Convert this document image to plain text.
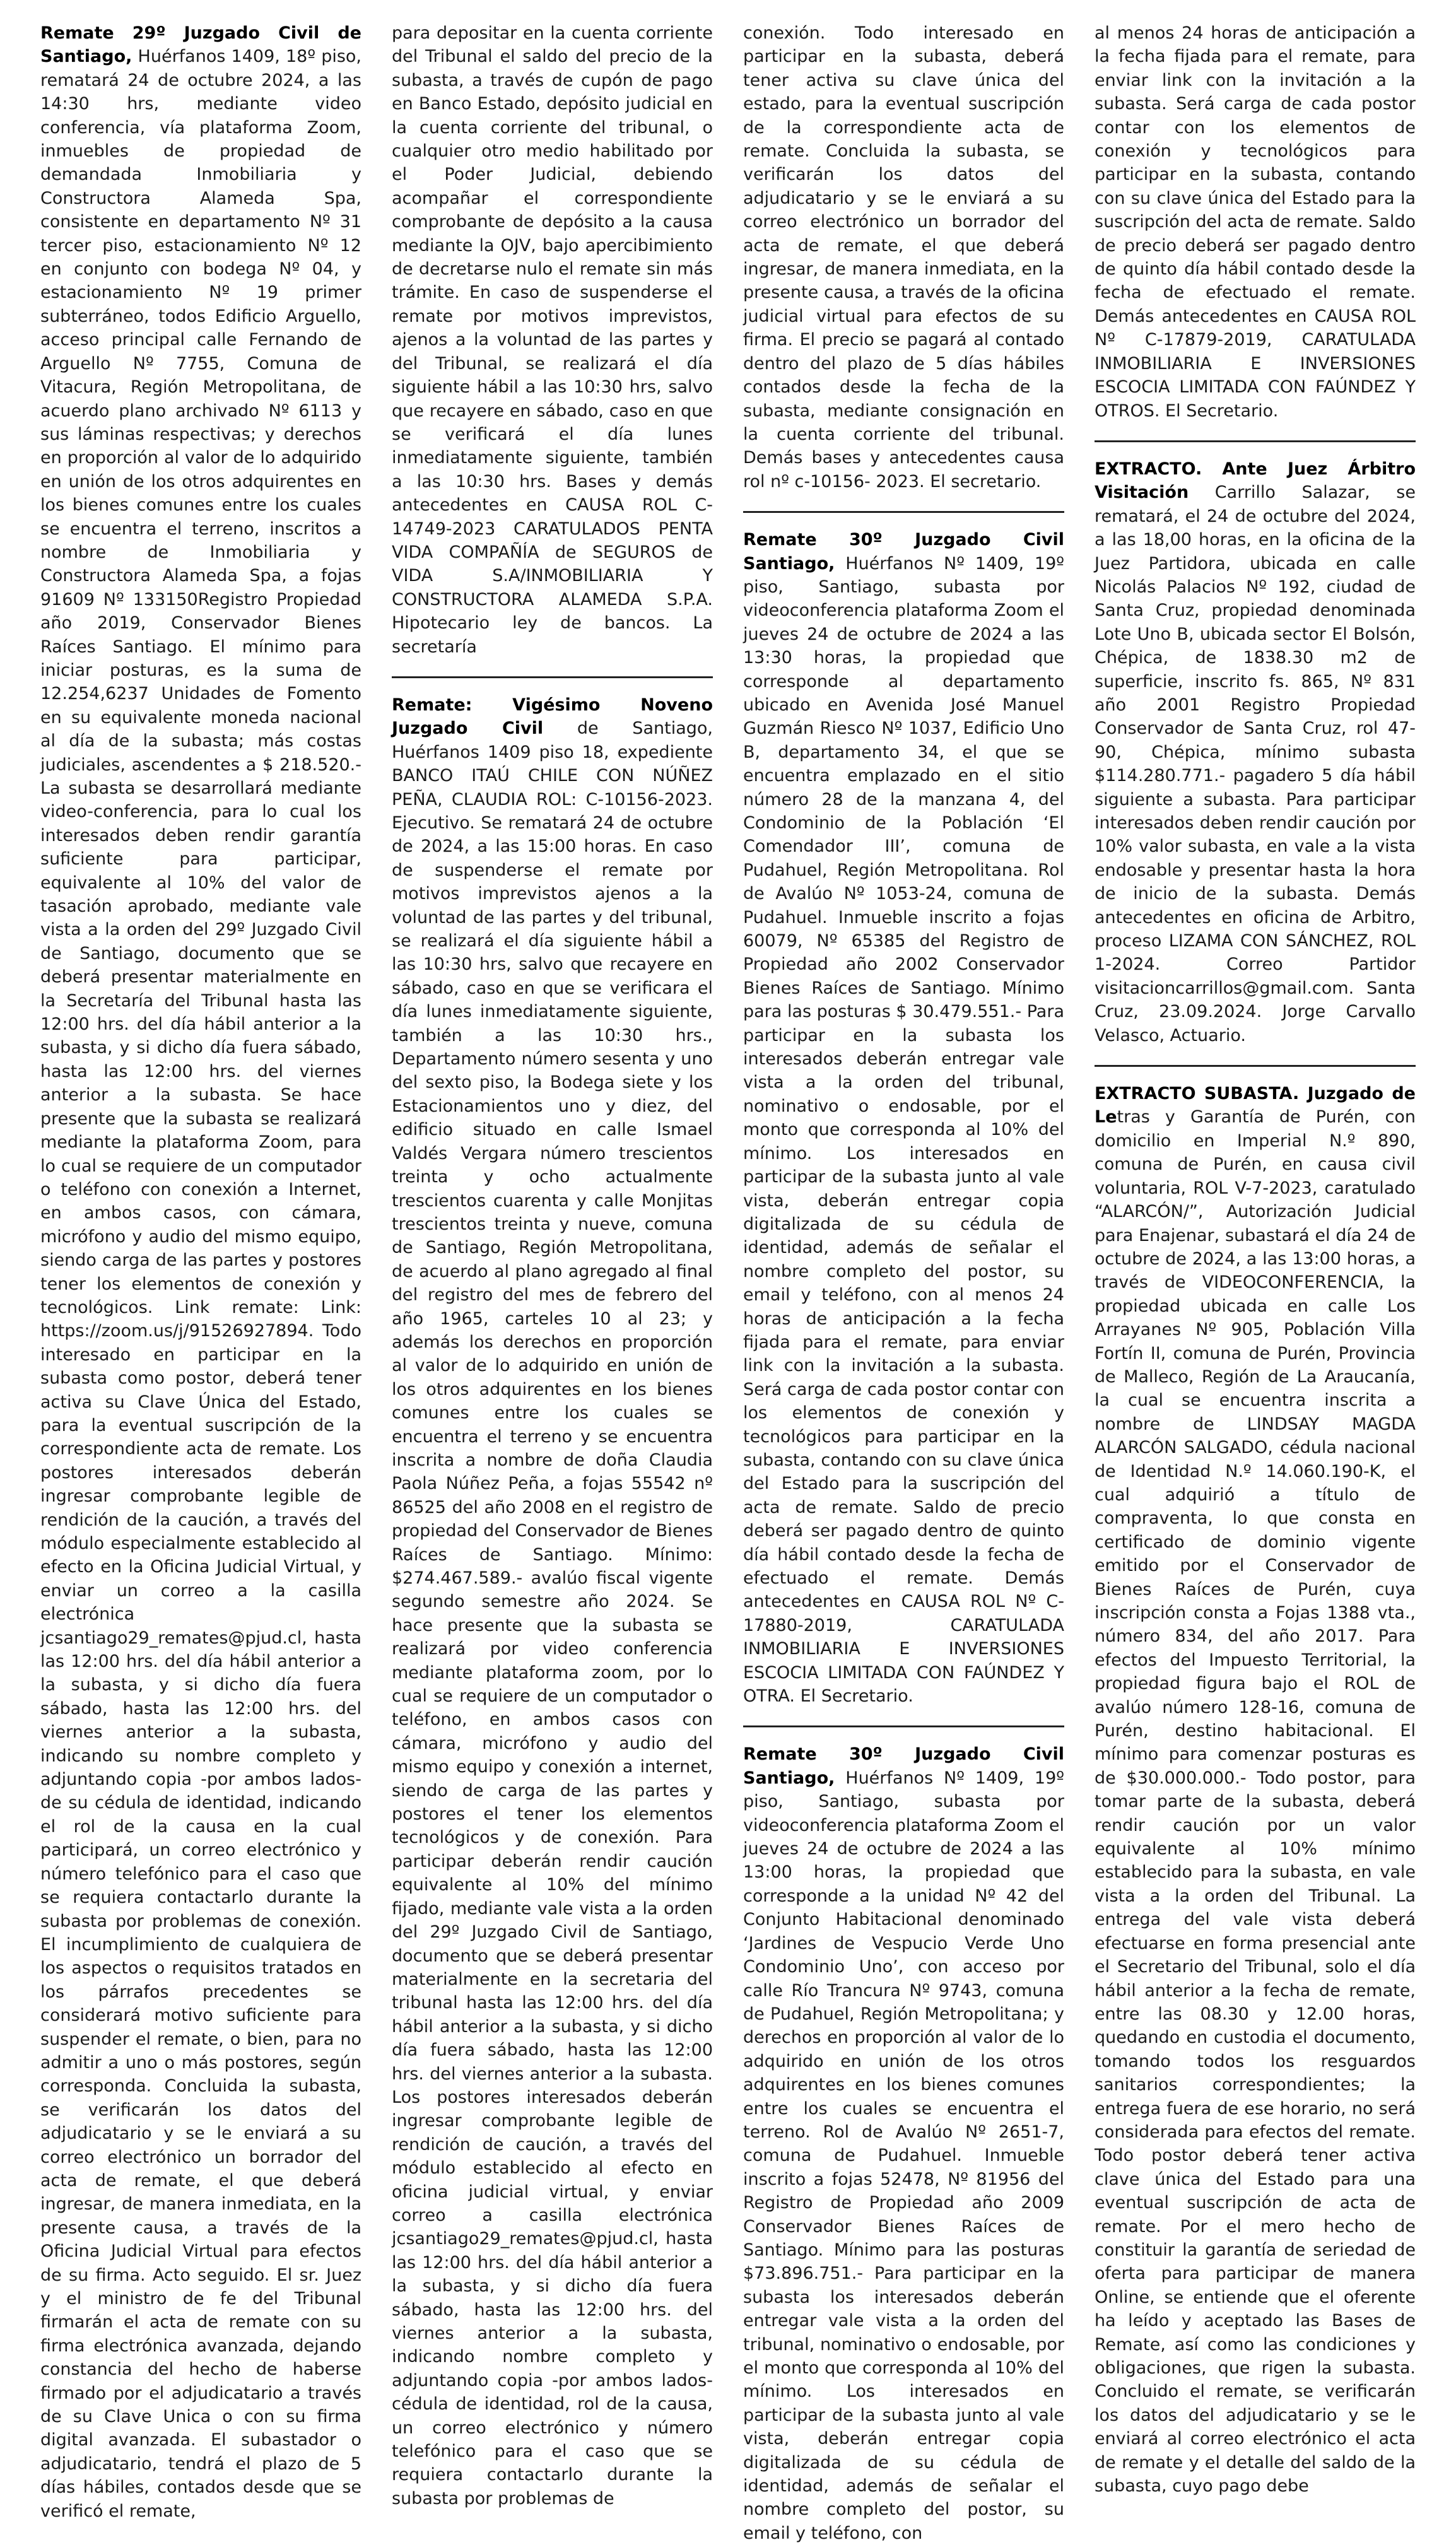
Remate 29º Juzgado Civil de Santiago, Huérfanos 1409, 18º piso, rematará 24 de octubre 2024, a las 14:30 hrs, mediante video conferencia, vía plataforma Zoom, inmuebles de propiedad de demandada Inmobiliaria y Constructora Alameda Spa, consistente en departamento Nº 31 tercer piso, estacionamiento Nº 12 en conjunto con bodega Nº 04, y estacionamiento Nº 19 primer subterráneo, todos Edificio Arguello, acceso principal calle Fernando de Arguello Nº 7755, Comuna de Vitacura, Región Metropolitana, de acuerdo plano archivado Nº 6113 y sus láminas respectivas; y derechos en proporción al valor de lo adquirido en unión de los otros adquirentes en los bienes comunes entre los cuales se encuentra el terreno, inscritos a nombre de Inmobiliaria y Constructora Alameda Spa, a fojas 91609 Nº 133150Registro Propiedad año 2019, Conservador Bienes Raíces Santiago. El mínimo para iniciar posturas, es la suma de 12.254,6237 Unidades de Fomento en su equivalente moneda nacional al día de la subasta; más costas judiciales, ascendentes a $ 218.520.- La subasta se desarrollará mediante video-conferencia, para lo cual los interesados deben rendir garantía suficiente para participar, equivalente al 10% del valor de tasación aprobado, mediante vale vista a la orden del 29º Juzgado Civil de Santiago, documento que se deberá presentar materialmente en la Secretaría del Tribunal hasta las 12:00 hrs. del día hábil anterior a la subasta, y si dicho día fuera sábado, hasta las 12:00 hrs. del viernes anterior a la subasta. Se hace presente que la subasta se realizará mediante la plataforma Zoom, para lo cual se requiere de un computador o teléfono con conexión a Internet, en ambos casos, con cámara, micrófono y audio del mismo equipo, siendo carga de las partes y postores tener los elementos de conexión y tecnológicos. Link remate: Link: https://zoom.us/j/91526927894. Todo interesado en participar en la subasta como postor, deberá tener activa su Clave Única del Estado, para la eventual suscripción de la correspondiente acta de remate. Los postores interesados deberán ingresar comprobante legible de rendición de la caución, a través del módulo especialmente establecido al efecto en la Oficina Judicial Virtual, y enviar un correo a la casilla electrónica jcsantiago29_remates@pjud.cl, hasta las 12:00 hrs. del día hábil anterior a la subasta, y si dicho día fuera sábado, hasta las 12:00 hrs. del viernes anterior a la subasta, indicando su nombre completo y adjuntando copia -por ambos lados- de su cédula de identidad, indicando el rol de la causa en la cual participará, un correo electrónico y número telefónico para el caso que se requiera contactarlo durante la subasta por problemas de conexión. El incumplimiento de cualquiera de los aspectos o requisitos tratados en los párrafos precedentes se considerará motivo suficiente para suspender el remate, o bien, para no admitir a uno o más postores, según corresponda. Concluida la subasta, se verificarán los datos del adjudicatario y se le enviará a su correo electrónico un borrador del acta de remate, el que deberá ingresar, de manera inmediata, en la presente causa, a través de la Oficina Judicial Virtual para efectos de su firma. Acto seguido. El sr. Juez y el ministro de fe del Tribunal firmarán el acta de remate con su firma electrónica avanzada, dejando constancia del hecho de haberse firmado por el adjudicatario a través de su Clave Unica o con su firma digital avanzada. El subastador o adjudicatario, tendrá el plazo de 5 días hábiles, contados desde que se verificó el remate,

para depositar en la cuenta corriente del Tribunal el saldo del precio de la subasta, a través de cupón de pago en Banco Estado, depósito judicial en la cuenta corriente del tribunal, o cualquier otro medio habilitado por el Poder Judicial, debiendo acompañar el correspondiente comprobante de depósito a la causa mediante la OJV, bajo apercibimiento de decretarse nulo el remate sin más trámite. En caso de suspenderse el remate por motivos imprevistos, ajenos a la voluntad de las partes y del Tribunal, se realizará el día siguiente hábil a las 10:30 hrs, salvo que recayere en sábado, caso en que se verificará el día lunes inmediatamente siguiente, también a las 10:30 hrs. Bases y demás antecedentes en CAUSA ROL C-14749-2023 CARATULADOS PENTA VIDA COMPAÑÍA de SEGUROS de VIDA S.A/INMOBILIARIA Y CONSTRUCTORA ALAMEDA S.P.A. Hipotecario ley de bancos. La secretaría

Remate: Vigésimo Noveno Juzgado Civil de Santiago, Huérfanos 1409 piso 18, expediente BANCO ITAÚ CHILE CON NÚÑEZ PEÑA, CLAUDIA ROL: C-10156-2023. Ejecutivo. Se rematará 24 de octubre de 2024, a las 15:00 horas. En caso de suspenderse el remate por motivos imprevistos ajenos a la voluntad de las partes y del tribunal, se realizará el día siguiente hábil a las 10:30 hrs, salvo que recayere en sábado, caso en que se verificara el día lunes inmediatamente siguiente, también a las 10:30 hrs., Departamento número sesenta y uno del sexto piso, la Bodega siete y los Estacionamientos uno y diez, del edificio situado en calle Ismael Valdés Vergara número trescientos treinta y ocho actualmente trescientos cuarenta y calle Monjitas trescientos treinta y nueve, comuna de Santiago, Región Metropolitana, de acuerdo al plano agregado al final del registro del mes de febrero del año 1965, carteles 10 al 23; y además los derechos en proporción al valor de lo adquirido en unión de los otros adquirentes en los bienes comunes entre los cuales se encuentra el terreno y se encuentra inscrita a nombre de doña Claudia Paola Núñez Peña, a fojas 55542 nº 86525 del año 2008 en el registro de propiedad del Conservador de Bienes Raíces de Santiago. Mínimo: $274.467.589.- avalúo fiscal vigente segundo semestre año 2024. Se hace presente que la subasta se realizará por video conferencia mediante plataforma zoom, por lo cual se requiere de un computador o teléfono, en ambos casos con cámara, micrófono y audio del mismo equipo y conexión a internet, siendo de carga de las partes y postores el tener los elementos tecnológicos y de conexión. Para participar deberán rendir caución equivalente al 10% del mínimo fijado, mediante vale vista a la orden del 29º Juzgado Civil de Santiago, documento que se deberá presentar materialmente en la secretaria del tribunal hasta las 12:00 hrs. del día hábil anterior a la subasta, y si dicho día fuera sábado, hasta las 12:00 hrs. del viernes anterior a la subasta. Los postores interesados deberán ingresar comprobante legible de rendición de caución, a través del módulo establecido al efecto en oficina judicial virtual, y enviar correo a casilla electrónica jcsantiago29_remates@pjud.cl, hasta las 12:00 hrs. del día hábil anterior a la subasta, y si dicho día fuera sábado, hasta las 12:00 hrs. del viernes anterior a la subasta, indicando nombre completo y adjuntando copia -por ambos lados- cédula de identidad, rol de la causa, un correo electrónico y número telefónico para el caso que se requiera contactarlo durante la subasta por problemas de

conexión. Todo interesado en participar en la subasta, deberá tener activa su clave única del estado, para la eventual suscripción de la correspondiente acta de remate. Concluida la subasta, se verificarán los datos del adjudicatario y se le enviará a su correo electrónico un borrador del acta de remate, el que deberá ingresar, de manera inmediata, en la presente causa, a través de la oficina judicial virtual para efectos de su firma. El precio se pagará al contado dentro del plazo de 5 días hábiles contados desde la fecha de la subasta, mediante consignación en la cuenta corriente del tribunal. Demás bases y antecedentes causa rol nº c-10156- 2023. El secretario.

Remate 30º Juzgado Civil Santiago, Huérfanos Nº 1409, 19º piso, Santiago, subasta por videoconferencia plataforma Zoom el jueves 24 de octubre de 2024 a las 13:30 horas, la propiedad que corresponde al departamento ubicado en Avenida José Manuel Guzmán Riesco Nº 1037, Edificio Uno B, departamento 34, el que se encuentra emplazado en el sitio número 28 de la manzana 4, del Condominio de la Población ‘El Comendador III’, comuna de Pudahuel, Región Metropolitana. Rol de Avalúo Nº 1053-24, comuna de Pudahuel. Inmueble inscrito a fojas 60079, Nº 65385 del Registro de Propiedad año 2002 Conservador Bienes Raíces de Santiago. Mínimo para las posturas $ 30.479.551.- Para participar en la subasta los interesados deberán entregar vale vista a la orden del tribunal, nominativo o endosable, por el monto que corresponda al 10% del mínimo. Los interesados en participar de la subasta junto al vale vista, deberán entregar copia digitalizada de su cédula de identidad, además de señalar el nombre completo del postor, su email y teléfono, con al menos 24 horas de anticipación a la fecha fijada para el remate, para enviar link con la invitación a la subasta. Será carga de cada postor contar con los elementos de conexión y tecnológicos para participar en la subasta, contando con su clave única del Estado para la suscripción del acta de remate. Saldo de precio deberá ser pagado dentro de quinto día hábil contado desde la fecha de efectuado el remate. Demás antecedentes en CAUSA ROL Nº C-17880-2019, CARATULADA INMOBILIARIA E INVERSIONES ESCOCIA LIMITADA CON FAÚNDEZ Y OTRA. El Secretario.

Remate 30º Juzgado Civil Santiago, Huérfanos Nº 1409, 19º piso, Santiago, subasta por videoconferencia plataforma Zoom el jueves 24 de octubre de 2024 a las 13:00 horas, la propiedad que corresponde a la unidad Nº 42 del Conjunto Habitacional denominado ‘Jardines de Vespucio Verde Uno Condominio Uno’, con acceso por calle Río Trancura Nº 9743, comuna de Pudahuel, Región Metropolitana; y derechos en proporción al valor de lo adquirido en unión de los otros adquirentes en los bienes comunes entre los cuales se encuentra el terreno. Rol de Avalúo Nº 2651-7, comuna de Pudahuel. Inmueble inscrito a fojas 52478, Nº 81956 del Registro de Propiedad año 2009 Conservador Bienes Raíces de Santiago. Mínimo para las posturas $73.896.751.- Para participar en la subasta los interesados deberán entregar vale vista a la orden del tribunal, nominativo o endosable, por el monto que corresponda al 10% del mínimo. Los interesados en participar de la subasta junto al vale vista, deberán entregar copia digitalizada de su cédula de identidad, además de señalar el nombre completo del postor, su email y teléfono, con

al menos 24 horas de anticipación a la fecha fijada para el remate, para enviar link con la invitación a la subasta. Será carga de cada postor contar con los elementos de conexión y tecnológicos para participar en la subasta, contando con su clave única del Estado para la suscripción del acta de remate. Saldo de precio deberá ser pagado dentro de quinto día hábil contado desde la fecha de efectuado el remate. Demás antecedentes en CAUSA ROL Nº C-17879-2019, CARATULADA INMOBILIARIA E INVERSIONES ESCOCIA LIMITADA CON FAÚNDEZ Y OTROS. El Secretario.

EXTRACTO. Ante Juez Árbitro Visitación Carrillo Salazar, se rematará, el 24 de octubre del 2024, a las 18,00 horas, en la oficina de la Juez Partidora, ubicada en calle Nicolás Palacios Nº 192, ciudad de Santa Cruz, propiedad denominada Lote Uno B, ubicada sector El Bolsón, Chépica, de 1838.30 m2 de superficie, inscrito fs. 865, Nº 831 año 2001 Registro Propiedad Conservador de Santa Cruz, rol 47-90, Chépica, mínimo subasta $114.280.771.- pagadero 5 día hábil siguiente a subasta. Para participar interesados deben rendir caución por 10% valor subasta, en vale a la vista endosable y presentar hasta la hora de inicio de la subasta. Demás antecedentes en oficina de Arbitro, proceso LIZAMA CON SÁNCHEZ, ROL 1-2024. Correo Partidor visitacioncarrillos@gmail.com. Santa Cruz, 23.09.2024. Jorge Carvallo Velasco, Actuario.

EXTRACTO SUBASTA. Juzgado de Letras y Garantía de Purén, con domicilio en Imperial N.º 890, comuna de Purén, en causa civil voluntaria, ROL V-7-2023, caratulado “ALARCÓN/”, Autorización Judicial para Enajenar, subastará el día 24 de octubre de 2024, a las 13:00 horas, a través de VIDEOCONFERENCIA, la propiedad ubicada en calle Los Arrayanes Nº 905, Población Villa Fortín II, comuna de Purén, Provincia de Malleco, Región de La Araucanía, la cual se encuentra inscrita a nombre de LINDSAY MAGDA ALARCÓN SALGADO, cédula nacional de Identidad N.º 14.060.190-K, el cual adquirió a título de compraventa, lo que consta en certificado de dominio vigente emitido por el Conservador de Bienes Raíces de Purén, cuya inscripción consta a Fojas 1388 vta., número 834, del año 2017. Para efectos del Impuesto Territorial, la propiedad figura bajo el ROL de avalúo número 128-16, comuna de Purén, destino habitacional. El mínimo para comenzar posturas es de $30.000.000.- Todo postor, para tomar parte de la subasta, deberá rendir caución por un valor equivalente al 10% mínimo establecido para la subasta, en vale vista a la orden del Tribunal. La entrega del vale vista deberá efectuarse en forma presencial ante el Secretario del Tribunal, solo el día hábil anterior a la fecha de remate, entre las 08.30 y 12.00 horas, quedando en custodia el documento, tomando todos los resguardos sanitarios correspondientes; la entrega fuera de ese horario, no será considerada para efectos del remate. Todo postor deberá tener activa clave única del Estado para una eventual suscripción de acta de remate. Por el mero hecho de constituir la garantía de seriedad de oferta para participar de manera Online, se entiende que el oferente ha leído y aceptado las Bases de Remate, así como las condiciones y obligaciones, que rigen la subasta. Concluido el remate, se verificarán los datos del adjudicatario y se le enviará al correo electrónico el acta de remate y el detalle del saldo de la subasta, cuyo pago debe
